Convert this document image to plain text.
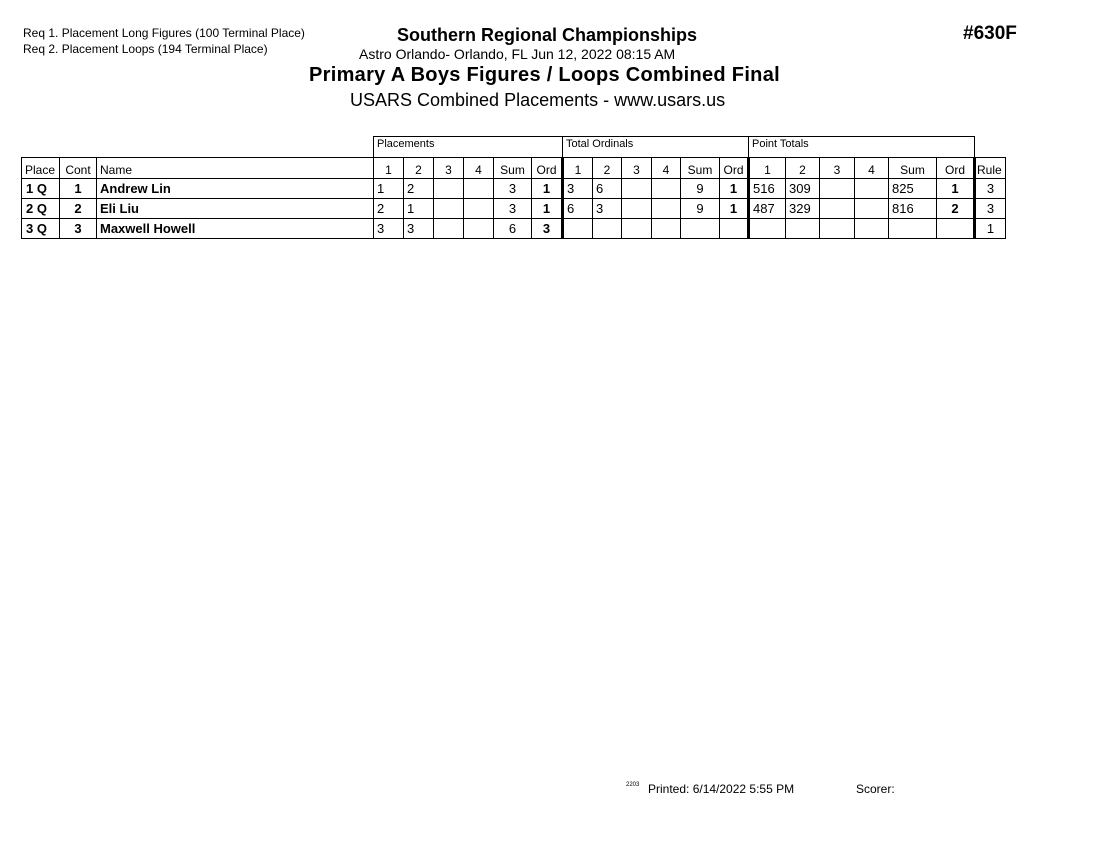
Req 1. Placement Long Figures (100 Terminal Place)
Req 2. Placement Loops (194 Terminal Place)
Southern Regional Championships
Astro Orlando- Orlando, FL Jun 12, 2022 08:15 AM
Primary A Boys Figures / Loops Combined Final
USARS Combined Placements - www.usars.us
#630F
			Placements						Total Ordinals						Point Totals						
Place	Cont	Name	1	2	3	4	Sum	Ord	1	2	3	4	Sum	Ord	1	2	3	4	Sum	Ord	Rule
1 Q	1	Andrew Lin	1	2			3	1	3	6			9	1	516	309			825	1	3
2 Q	2	Eli Liu	2	1			3	1	6	3			9	1	487	329			816	2	3
3 Q	3	Maxwell Howell	3	3			6	3													1
2203 Printed: 6/14/2022 5:55 PM	Scorer:
